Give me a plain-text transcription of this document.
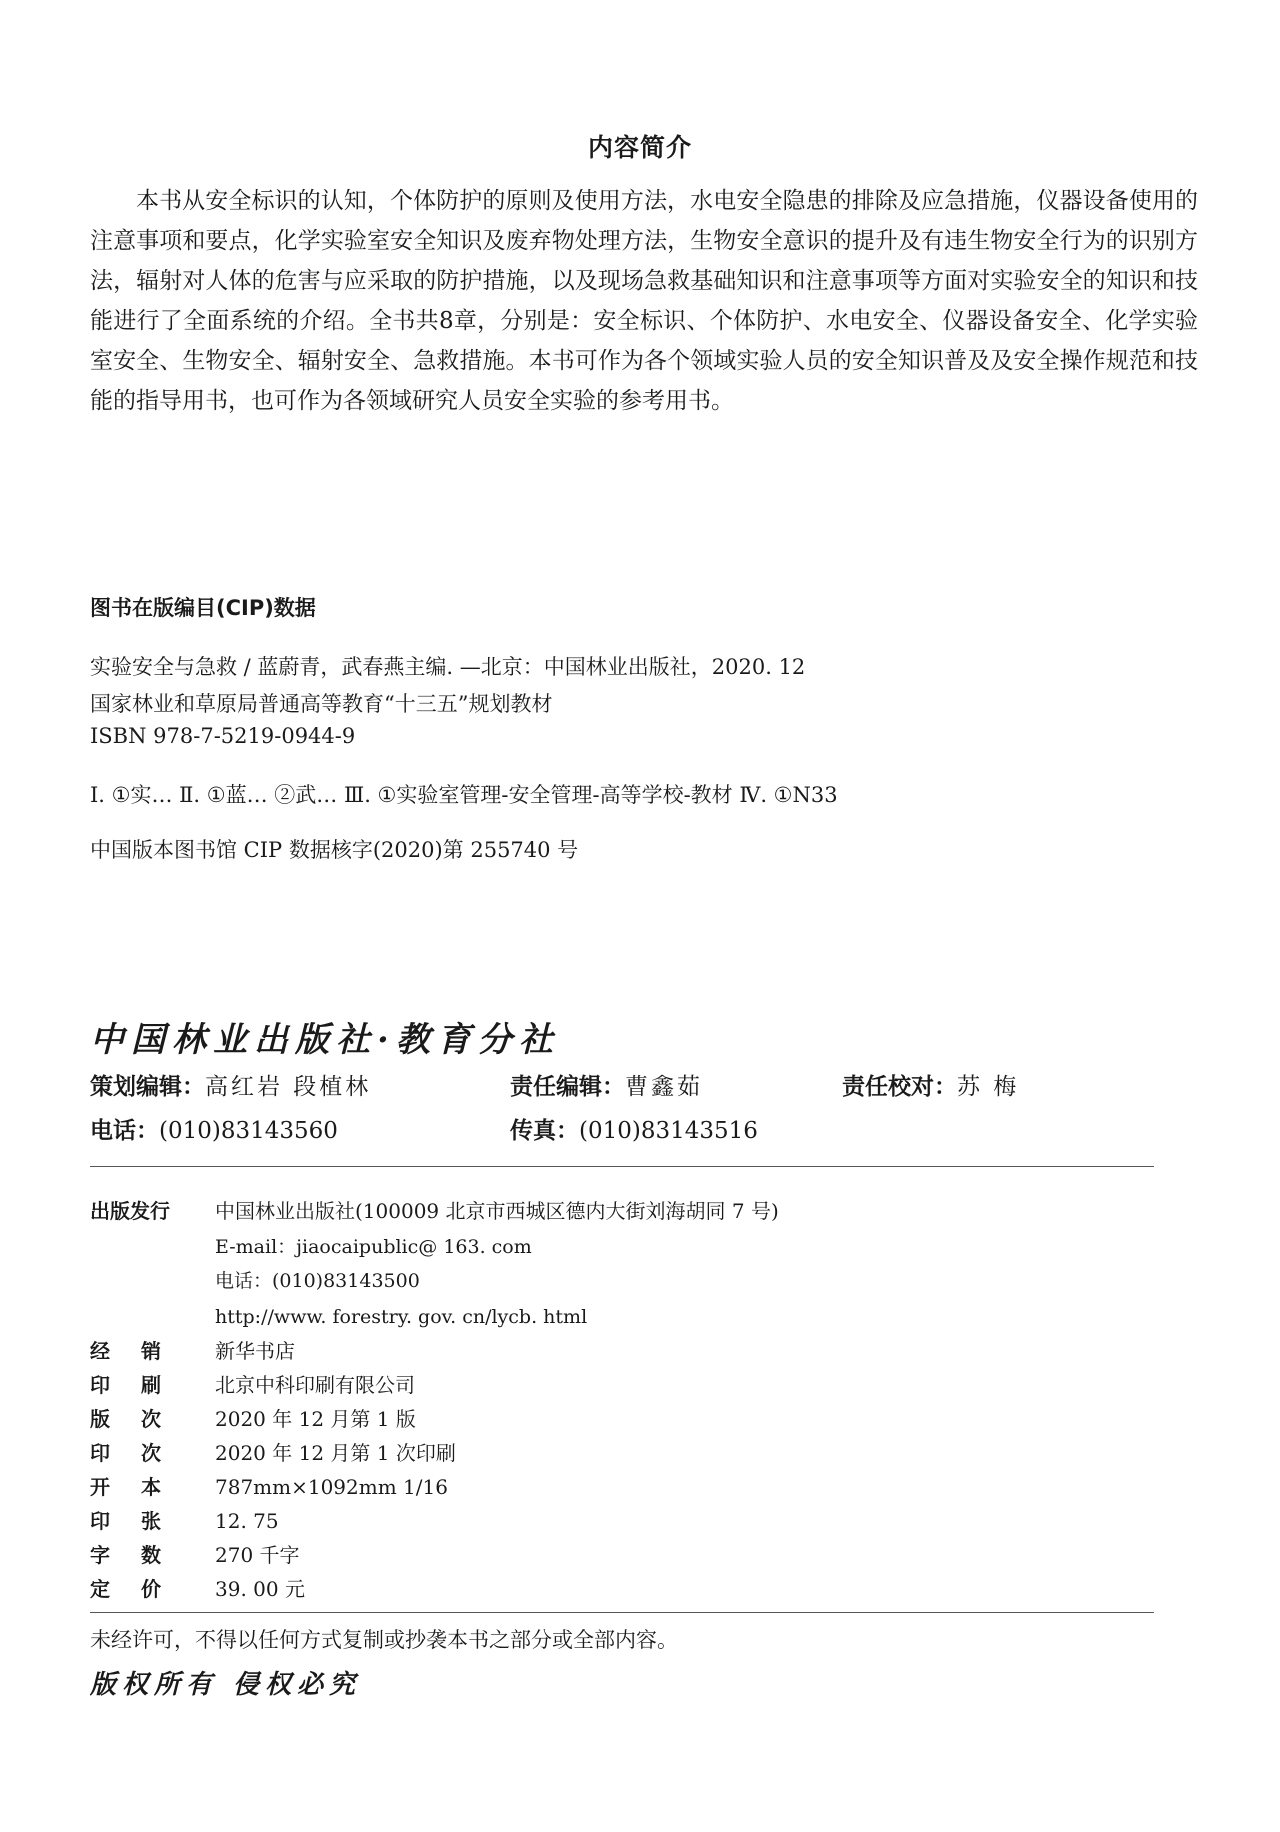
内容简介

本书从安全标识的认知，个体防护的原则及使用方法，水电安全隐患的排除及应急措施，仪器设备使用的注意事项和要点，化学实验室安全知识及废弃物处理方法，生物安全意识的提升及有违生物安全行为的识别方法，辐射对人体的危害与应采取的防护措施，以及现场急救基础知识和注意事项等方面对实验安全的知识和技能进行了全面系统的介绍。全书共8章，分别是：安全标识、个体防护、水电安全、仪器设备安全、化学实验室安全、生物安全、辐射安全、急救措施。本书可作为各个领域实验人员的安全知识普及及安全操作规范和技能的指导用书，也可作为各领域研究人员安全实验的参考用书。

图书在版编目(CIP)数据
实验安全与急救 / 蓝蔚青，武春燕主编. —北京：中国林业出版社，2020. 12
国家林业和草原局普通高等教育“十三五”规划教材
ISBN 978-7-5219-0944-9
Ⅰ. ①实… Ⅱ. ①蓝… ②武… Ⅲ. ①实验室管理-安全管理-高等学校-教材 Ⅳ. ①N33
中国版本图书馆 CIP 数据核字(2020)第 255740 号
中国林业出版社·教育分社
策划编辑：高红岩 段植林	责任编辑：曹鑫茹	责任校对：苏 梅
电话：(010)83143560	传真：(010)83143516
出版发行 中国林业出版社(100009 北京市西城区德内大街刘海胡同 7 号)
E-mail：jiaocaipublic@ 163. com
电话：(010)83143500
http://www. forestry. gov. cn/lycb. html
经销 新华书店
印刷 北京中科印刷有限公司
版次 2020 年 12 月第 1 版
印次 2020 年 12 月第 1 次印刷
开本 787mm×1092mm 1/16
印张 12. 75
字数 270 千字
定价 39. 00 元
未经许可，不得以任何方式复制或抄袭本书之部分或全部内容。
版权所有 侵权必究
